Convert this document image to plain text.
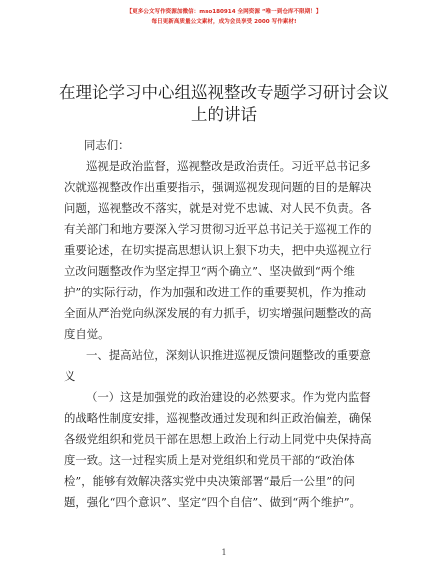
【更多公文写作资源加微信：mso180914 全网资源 “唯一到仓库不限期！】
每日更新高质量公文素材，成为会员享受 2000 写作素材!
在理论学习中心组巡视整改专题学习研讨会议
上的讲话
同志们：
巡视是政治监督，巡视整改是政治责任。习近平总书记多
次就巡视整改作出重要指示，强调巡视发现问题的目的是解决
问题，巡视整改不落实，就是对党不忠诚、对人民不负责。各
有关部门和地方要深入学习贯彻习近平总书记关于巡视工作的
重要论述，在切实提高思想认识上狠下功夫，把中央巡视立行
立改问题整改作为坚定捍卫“两个确立”、坚决做到“两个维
护”的实际行动，作为加强和改进工作的重要契机，作为推动
全面从严治党向纵深发展的有力抓手，切实增强问题整改的高
度自觉。
一、提高站位，深刻认识推进巡视反馈问题整改的重要意
义
（一）这是加强党的政治建设的必然要求。作为党内监督
的战略性制度安排，巡视整改通过发现和纠正政治偏差，确保
各级党组织和党员干部在思想上政治上行动上同党中央保持高
度一致。这一过程实质上是对党组织和党员干部的“政治体
检”，能够有效解决落实党中央决策部署“最后一公里”的问
题，强化“四个意识”、坚定“四个自信”、做到“两个维护”。
1
